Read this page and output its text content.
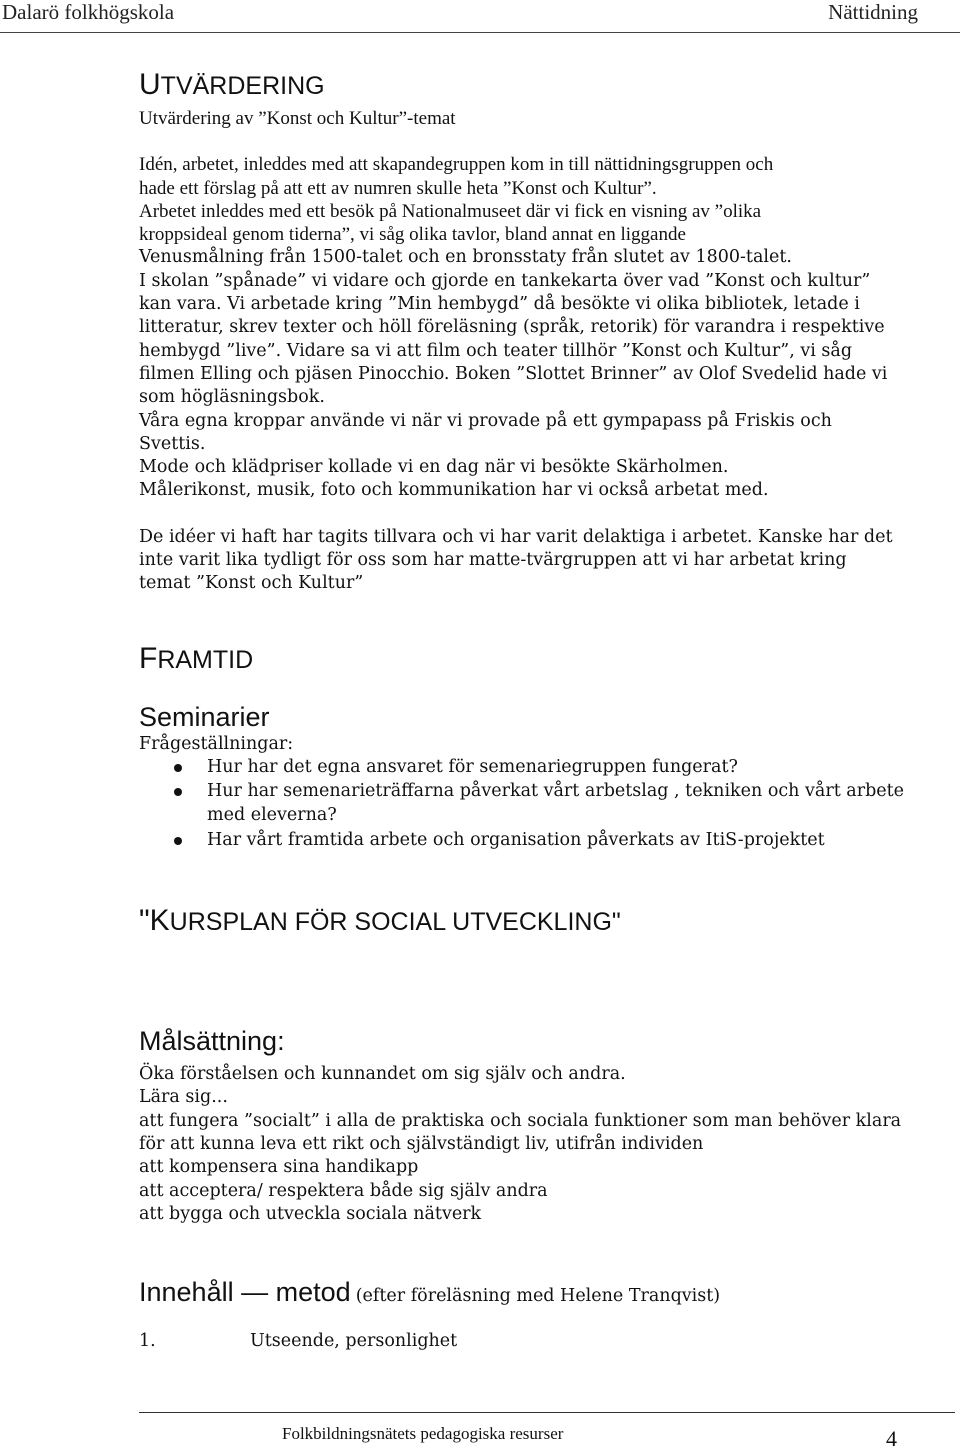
Dalarö folkhögskola	Nättidning
UTVÄRDERING

Utvärdering av ”Konst och Kultur”-temat

Idén, arbetet, inleddes med att skapandegruppen kom in till nättidningsgruppen och
hade ett förslag på att ett av numren skulle heta ”Konst och Kultur”.
Arbetet inleddes med ett besök på Nationalmuseet där vi fick en visning av ”olika
kroppsideal genom tiderna”, vi såg olika tavlor, bland annat en liggande
Venusmålning från 1500-talet och en bronsstaty från slutet av 1800-talet.
I skolan ”spånade” vi vidare och gjorde en tankekarta över vad ”Konst och kultur”
kan vara. Vi arbetade kring ”Min hembygd” då besökte vi olika bibliotek, letade i
litteratur, skrev texter och höll föreläsning (språk, retorik) för varandra i respektive
hembygd ”live”. Vidare sa vi att film och teater tillhör ”Konst och Kultur”, vi såg
filmen Elling och pjäsen Pinocchio. Boken ”Slottet Brinner” av Olof Svedelid hade vi
som högläsningsbok.
Våra egna kroppar använde vi när vi provade på ett gympapass på Friskis och
Svettis.
Mode och klädpriser kollade vi en dag när vi besökte Skärholmen.
Målerikonst, musik, foto och kommunikation har vi också arbetat med.
De idéer vi haft har tagits tillvara och vi har varit delaktiga i arbetet. Kanske har det
inte varit lika tydligt för oss som har matte-tvärgruppen att vi har arbetat kring
temat ”Konst och Kultur”
FRAMTID
Seminarier

Frågeställningar:

Hur har det egna ansvaret för semenariegruppen fungerat?
Hur har semenarieträffarna påverkat vårt arbetslag , tekniken och vårt arbete
med eleverna?
Har vårt framtida arbete och organisation påverkats av ItiS-projektet
"KURSPLAN FÖR SOCIAL UTVECKLING"
Målsättning:
Öka förståelsen och kunnandet om sig själv och andra.
Lära sig...
att fungera ”socialt” i alla de praktiska och sociala funktioner som man behöver klara
för att kunna leva ett rikt och självständigt liv, utifrån individen
att kompensera sina handikapp
att acceptera/ respektera både sig själv andra
att bygga och utveckla sociala nätverk
Innehåll — metod (efter föreläsning med Helene Tranqvist)
1.	Utseende, personlighet
Folkbildningsnätets pedagogiska resurser	4
